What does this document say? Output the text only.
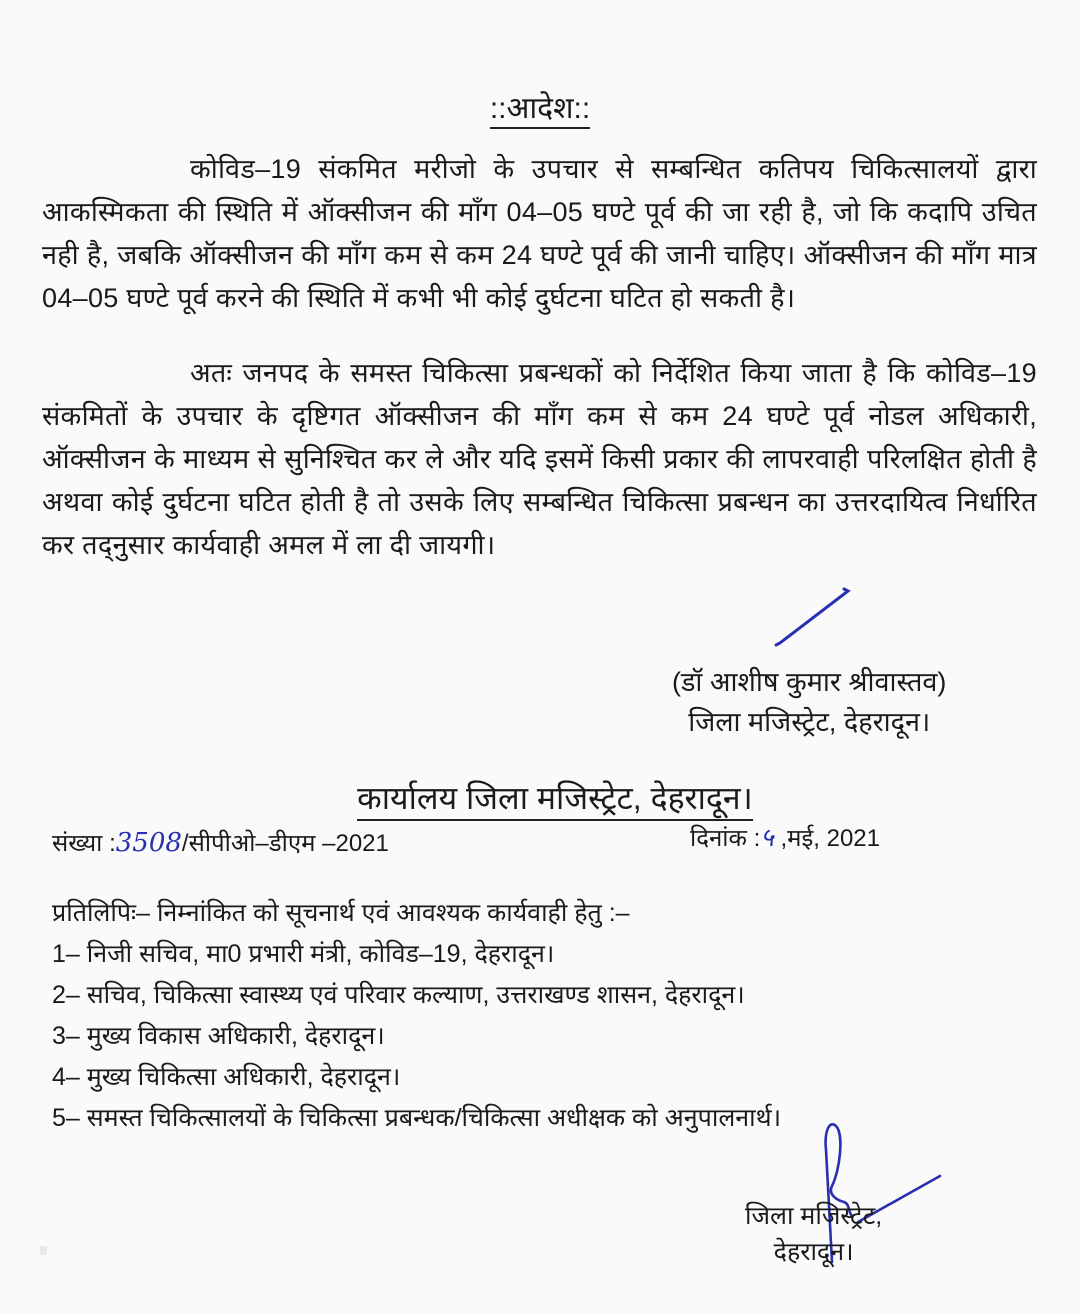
::आदेश::

कोविड–19 संकमित मरीजो के उपचार से सम्बन्धित कतिपय चिकित्सालयों द्वारा आकस्मिकता की स्थिति में ऑक्सीजन की माँग 04–05 घण्टे पूर्व की जा रही है, जो कि कदापि उचित नही है, जबकि ऑक्सीजन की माँग कम से कम 24 घण्टे पूर्व की जानी चाहिए। ऑक्सीजन की माँग मात्र 04–05 घण्टे पूर्व करने की स्थिति में कभी भी कोई दुर्घटना घटित हो सकती है।

अतः जनपद के समस्त चिकित्सा प्रबन्धकों को निर्देशित किया जाता है कि कोविड–19 संकमितों के उपचार के दृष्टिगत ऑक्सीजन की माँग कम से कम 24 घण्टे पूर्व नोडल अधिकारी, ऑक्सीजन के माध्यम से सुनिश्चित कर ले और यदि इसमें किसी प्रकार की लापरवाही परिलक्षित होती है अथवा कोई दुर्घटना घटित होती है तो उसके लिए सम्बन्धित चिकित्सा प्रबन्धन का उत्तरदायित्व निर्धारित कर तद्नुसार कार्यवाही अमल में ला दी जायगी।

(डॉ आशीष कुमार श्रीवास्तव)
जिला मजिस्ट्रेट, देहरादून।
कार्यालय जिला मजिस्ट्रेट, देहरादून।
संख्या :3508/सीपीओ–डीएम –2021	दिनांक :५ ,मई, 2021
प्रतिलिपिः– निम्नांकित को सूचनार्थ एवं आवश्यक कार्यवाही हेतु :–
1– निजी सचिव, मा0 प्रभारी मंत्री, कोविड–19, देहरादून।
2– सचिव, चिकित्सा स्वास्थ्य एवं परिवार कल्याण, उत्तराखण्ड शासन, देहरादून।
3– मुख्य विकास अधिकारी, देहरादून।
4– मुख्य चिकित्सा अधिकारी, देहरादून।
5– समस्त चिकित्सालयों के चिकित्सा प्रबन्धक/चिकित्सा अधीक्षक को अनुपालनार्थ।
जिला मजिस्ट्रेट,
देहरादून।
